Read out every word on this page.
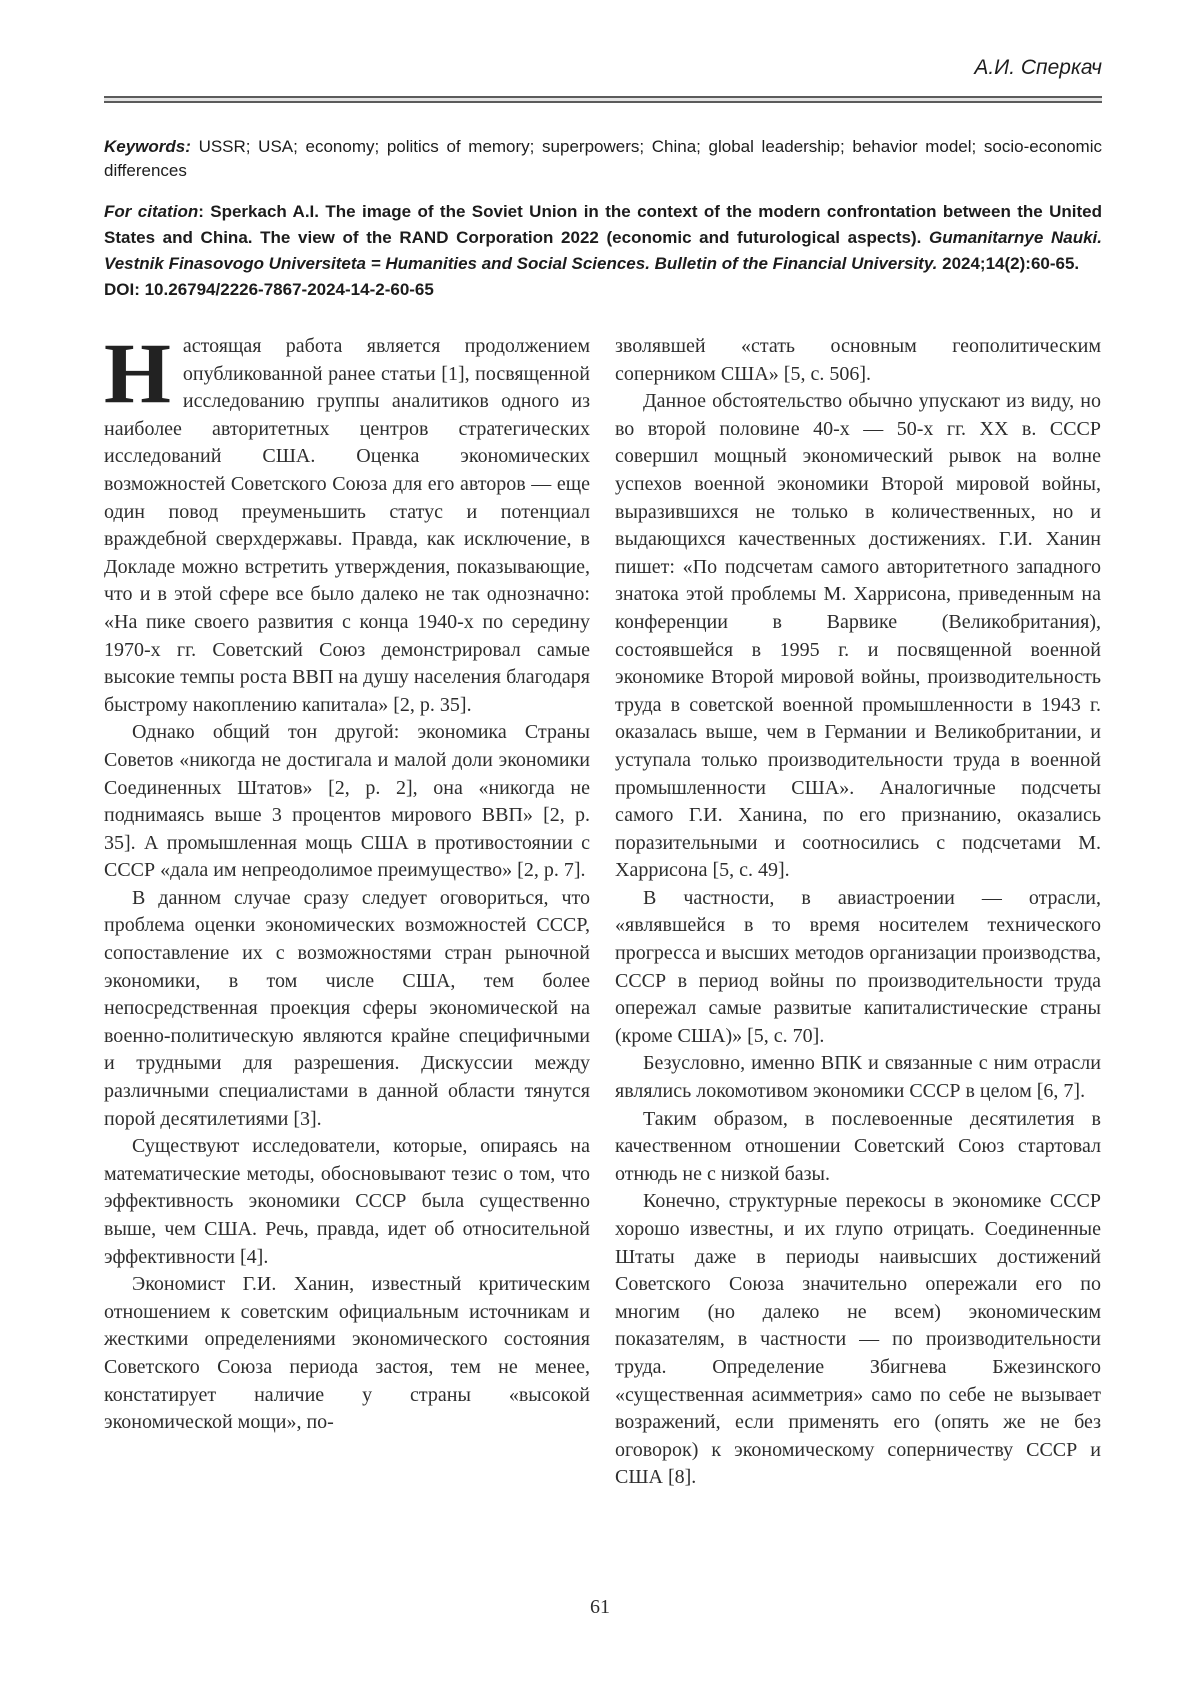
А.И. Сперкач

Keywords: USSR; USA; economy; politics of memory; superpowers; China; global leadership; behavior model; socio-economic differences

For citation: Sperkach A.I. The image of the Soviet Union in the context of the modern confrontation between the United States and China. The view of the RAND Corporation 2022 (economic and futurological aspects). Gumanitarnye Nauki. Vestnik Finasovogo Universiteta = Humanities and Social Sciences. Bulletin of the Financial University. 2024;14(2):60-65.
DOI: 10.26794/2226-7867-2024-14-2-60-65

Настоящая работа является продолжением опубликованной ранее статьи [1], посвященной исследованию группы аналитиков одного из наиболее авторитетных центров стратегических исследований США. Оценка экономических возможностей Советского Союза для его авторов — еще один повод преуменьшить статус и потенциал враждебной сверхдержавы. Правда, как исключение, в Докладе можно встретить утверждения, показывающие, что и в этой сфере все было далеко не так однозначно: «На пике своего развития с конца 1940-х по середину 1970-х гг. Советский Союз демонстрировал самые высокие темпы роста ВВП на душу населения благодаря быстрому накоплению капитала» [2, p. 35].

Однако общий тон другой: экономика Страны Советов «никогда не достигала и малой доли экономики Соединенных Штатов» [2, p. 2], она «никогда не поднимаясь выше 3 процентов мирового ВВП» [2, p. 35]. А промышленная мощь США в противостоянии с СССР «дала им непреодолимое преимущество» [2, p. 7].

В данном случае сразу следует оговориться, что проблема оценки экономических возможностей СССР, сопоставление их с возможностями стран рыночной экономики, в том числе США, тем более непосредственная проекция сферы экономической на военно-политическую являются крайне специфичными и трудными для разрешения. Дискуссии между различными специалистами в данной области тянутся порой десятилетиями [3].

Существуют исследователи, которые, опираясь на математические методы, обосновывают тезис о том, что эффективность экономики СССР была существенно выше, чем США. Речь, правда, идет об относительной эффективности [4].

Экономист Г.И. Ханин, известный критическим отношением к советским официальным источникам и жесткими определениями экономического состояния Советского Союза периода застоя, тем не менее, констатирует наличие у страны «высокой экономической мощи», по-

зволявшей «стать основным геополитическим соперником США» [5, с. 506].

Данное обстоятельство обычно упускают из виду, но во второй половине 40-х — 50-х гг. XX в. СССР совершил мощный экономический рывок на волне успехов военной экономики Второй мировой войны, выразившихся не только в количественных, но и выдающихся качественных достижениях. Г.И. Ханин пишет: «По подсчетам самого авторитетного западного знатока этой проблемы М. Харрисона, приведенным на конференции в Варвике (Великобритания), состоявшейся в 1995 г. и посвященной военной экономике Второй мировой войны, производительность труда в советской военной промышленности в 1943 г. оказалась выше, чем в Германии и Великобритании, и уступала только производительности труда в военной промышленности США». Аналогичные подсчеты самого Г.И. Ханина, по его признанию, оказались поразительными и соотносились с подсчетами М. Харрисона [5, с. 49].

В частности, в авиастроении — отрасли, «являвшейся в то время носителем технического прогресса и высших методов организации производства, СССР в период войны по производительности труда опережал самые развитые капиталистические страны (кроме США)» [5, с. 70].

Безусловно, именно ВПК и связанные с ним отрасли являлись локомотивом экономики СССР в целом [6, 7].

Таким образом, в послевоенные десятилетия в качественном отношении Советский Союз стартовал отнюдь не с низкой базы.

Конечно, структурные перекосы в экономике СССР хорошо известны, и их глупо отрицать. Соединенные Штаты даже в периоды наивысших достижений Советского Союза значительно опережали его по многим (но далеко не всем) экономическим показателям, в частности — по производительности труда. Определение Збигнева Бжезинского «существенная асимметрия» само по себе не вызывает возражений, если применять его (опять же не без оговорок) к экономическому соперничеству СССР и США [8].

61
